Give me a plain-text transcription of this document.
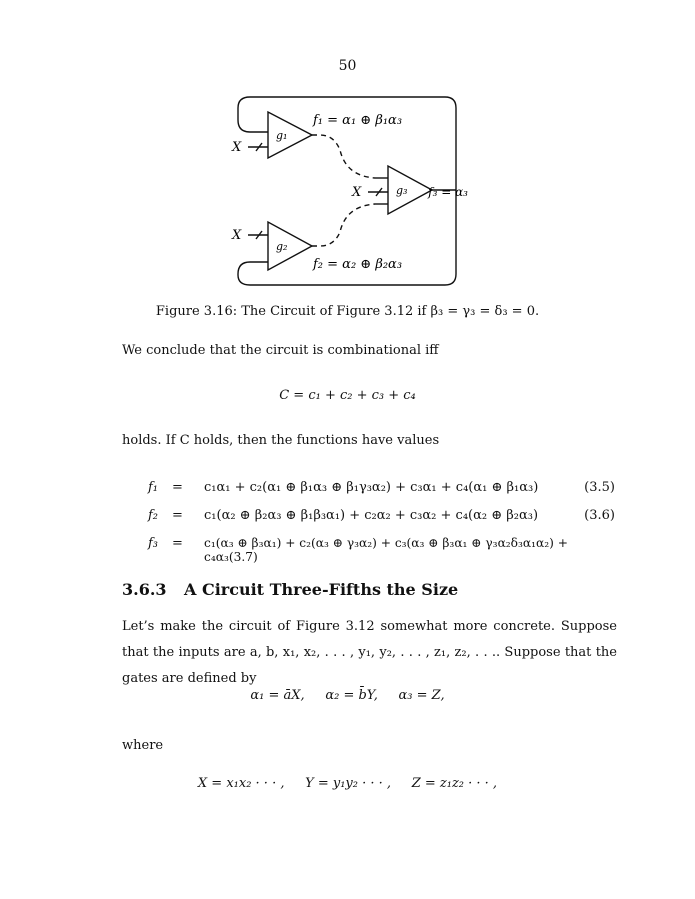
50
g₁
g₂
g₃
X
X
X
f₁ = α₁ ⊕ β₁α₃
f₂ = α₂ ⊕ β₂α₃
f₃ = α₃
Figure 3.16: The Circuit of Figure 3.12 if β₃ = γ₃ = δ₃ = 0.
We conclude that the circuit is combinational iff
C = c₁ + c₂ + c₃ + c₄
holds. If C holds, then the functions have values
f₁ = c₁α₁ + c₂(α₁ ⊕ β₁α₃ ⊕ β₁γ₃α₂) + c₃α₁ + c₄(α₁ ⊕ β₁α₃)	(3.5)
f₂ = c₁(α₂ ⊕ β₂α₃ ⊕ β₁β₃α₁) + c₂α₂ + c₃α₂ + c₄(α₂ ⊕ β₂α₃)	(3.6)
f₃ = c₁(α₃ ⊕ β₃α₁) + c₂(α₃ ⊕ γ₃α₂) + c₃(α₃ ⊕ β₃α₁ ⊕ γ₃α₂δ₃α₁α₂) + c₄α₃(3.7)
3.6.3 A Circuit Three-Fifths the Size
Let’s make the circuit of Figure 3.12 somewhat more concrete. Suppose that the inputs are a, b, x₁, x₂, . . . , y₁, y₂, . . . , z₁, z₂, . . .. Suppose that the gates are defined by
α₁ = āX,     α₂ = b̄Y,     α₃ = Z,
where
X = x₁x₂ · · · ,     Y = y₁y₂ · · · ,     Z = z₁z₂ · · · ,
